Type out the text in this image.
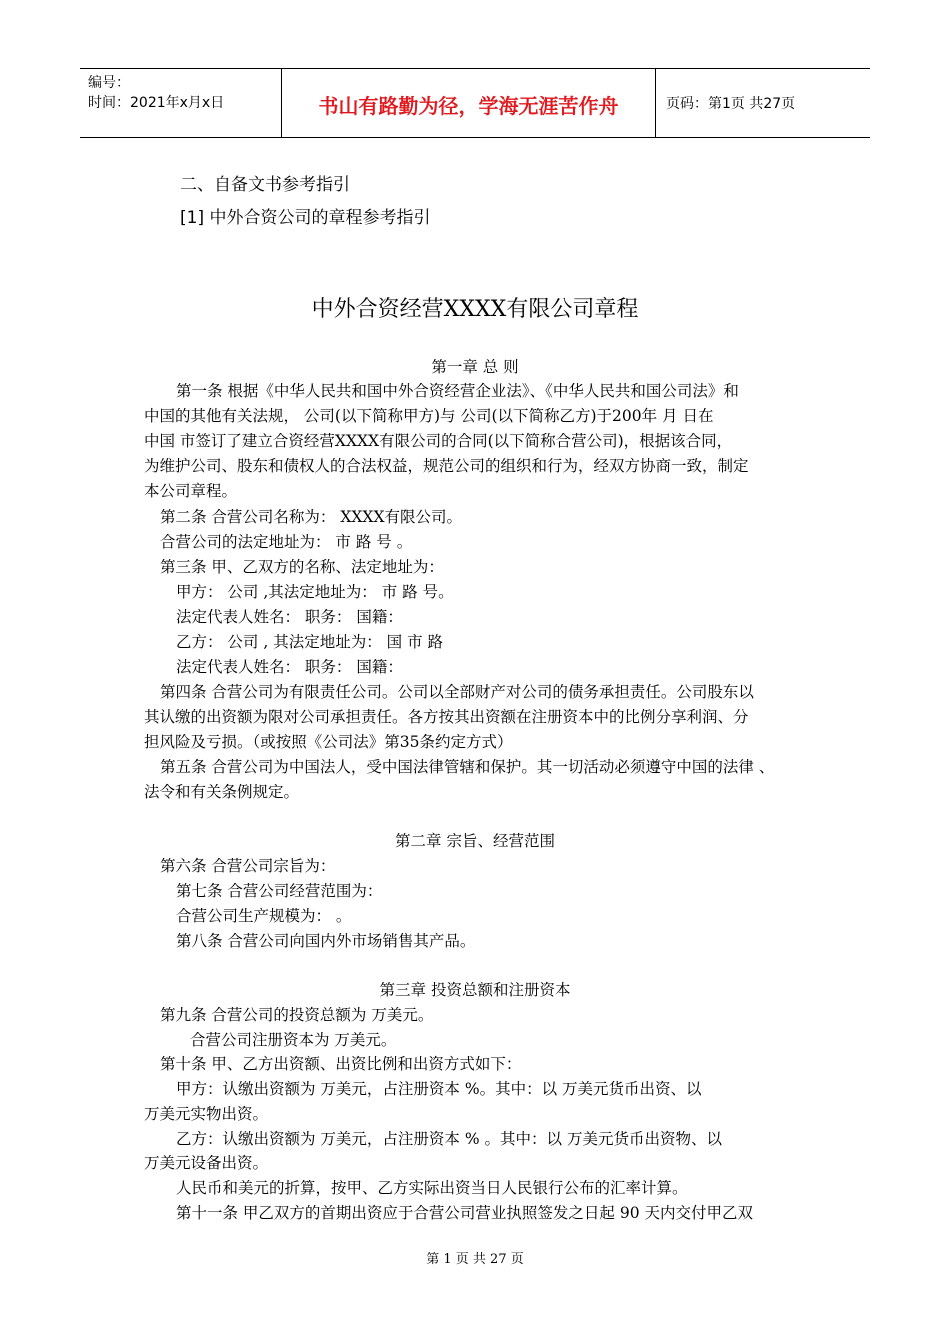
编号：
时间：2021年x月x日	书山有路勤为径，学海无涯苦作舟	页码：第1页 共27页
二、自备文书参考指引
[1] 中外合资公司的章程参考指引
中外合资经营XXXX有限公司章程
第一章 总 则
第一条 根据《中华人民共和国中外合资经营企业法》、《中华人民共和国公司法》和
中国的其他有关法规， 公司(以下简称甲方)与 公司(以下简称乙方)于200年 月 日在
中国 市签订了建立合资经营XXXX有限公司的合同(以下简称合营公司)，根据该合同，
为维护公司、股东和债权人的合法权益，规范公司的组织和行为，经双方协商一致，制定
本公司章程。
第二条 合营公司名称为： XXXX有限公司。
合营公司的法定地址为： 市 路 号 。
第三条 甲、乙双方的名称、法定地址为：
甲方： 公司 ,其法定地址为： 市 路 号。
法定代表人姓名： 职务： 国籍：
乙方： 公司 , 其法定地址为： 国 市 路
法定代表人姓名： 职务： 国籍：
第四条 合营公司为有限责任公司。公司以全部财产对公司的债务承担责任。公司股东以
其认缴的出资额为限对公司承担责任。各方按其出资额在注册资本中的比例分享利润、分
担风险及亏损。（或按照《公司法》第35条约定方式）
第五条 合营公司为中国法人，受中国法律管辖和保护。其一切活动必须遵守中国的法律 、
法令和有关条例规定。
第二章 宗旨、经营范围
第六条 合营公司宗旨为：
第七条 合营公司经营范围为：
合营公司生产规模为： 。
第八条 合营公司向国内外市场销售其产品。
第三章 投资总额和注册资本
第九条 合营公司的投资总额为 万美元。
合营公司注册资本为 万美元。
第十条 甲、乙方出资额、出资比例和出资方式如下：
甲方：认缴出资额为 万美元，占注册资本 %。其中：以 万美元货币出资、以
万美元实物出资。
乙方：认缴出资额为 万美元，占注册资本 % 。其中：以 万美元货币出资物、以
万美元设备出资。
人民币和美元的折算，按甲、乙方实际出资当日人民银行公布的汇率计算。
第十一条 甲乙双方的首期出资应于合营公司营业执照签发之日起 90 天内交付甲乙双
第 1 页 共 27 页
